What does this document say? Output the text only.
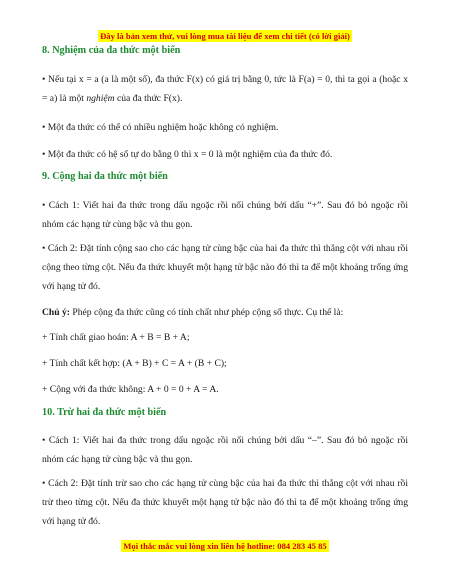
Đây là bản xem thử, vui lòng mua tài liệu để xem chi tiết (có lời giải)
8. Nghiệm của đa thức một biến

• Nếu tại x = a (a là một số), đa thức F(x) có giá trị bằng 0, tức là F(a) = 0, thì ta gọi a (hoặc x = a) là một nghiệm của đa thức F(x).

• Một đa thức có thể có nhiều nghiệm hoặc không có nghiệm.

• Một đa thức có hệ số tự do bằng 0 thì x = 0 là một nghiệm của đa thức đó.

9. Cộng hai đa thức một biến

• Cách 1: Viết hai đa thức trong dấu ngoặc rồi nối chúng bởi dấu “+”. Sau đó bỏ ngoặc rồi nhóm các hạng tử cùng bậc và thu gọn.

• Cách 2: Đặt tính cộng sao cho các hạng tử cùng bậc của hai đa thức thì thẳng cột với nhau rồi cộng theo từng cột. Nếu đa thức khuyết một hạng tử bậc nào đó thì ta để một khoảng trống ứng với hạng tử đó.

Chú ý: Phép cộng đa thức cũng có tính chất như phép cộng số thực. Cụ thể là:

+ Tính chất giao hoán: A + B = B + A;

+ Tính chất kết hợp: (A + B) + C = A + (B + C);

+ Cộng với đa thức không: A + 0 = 0 + A = A.

10. Trừ hai đa thức một biến

• Cách 1: Viết hai đa thức trong dấu ngoặc rồi nối chúng bởi dấu “–”. Sau đó bỏ ngoặc rồi nhóm các hạng tử cùng bậc và thu gọn.

• Cách 2: Đặt tính trừ sao cho các hạng tử cùng bậc của hai đa thức thì thẳng cột với nhau rồi trừ theo từng cột. Nếu đa thức khuyết một hạng tử bậc nào đó thì ta để một khoảng trống ứng với hạng tử đó.

Mọi thắc mắc vui lòng xin liên hệ hotline: 084 283 45 85
